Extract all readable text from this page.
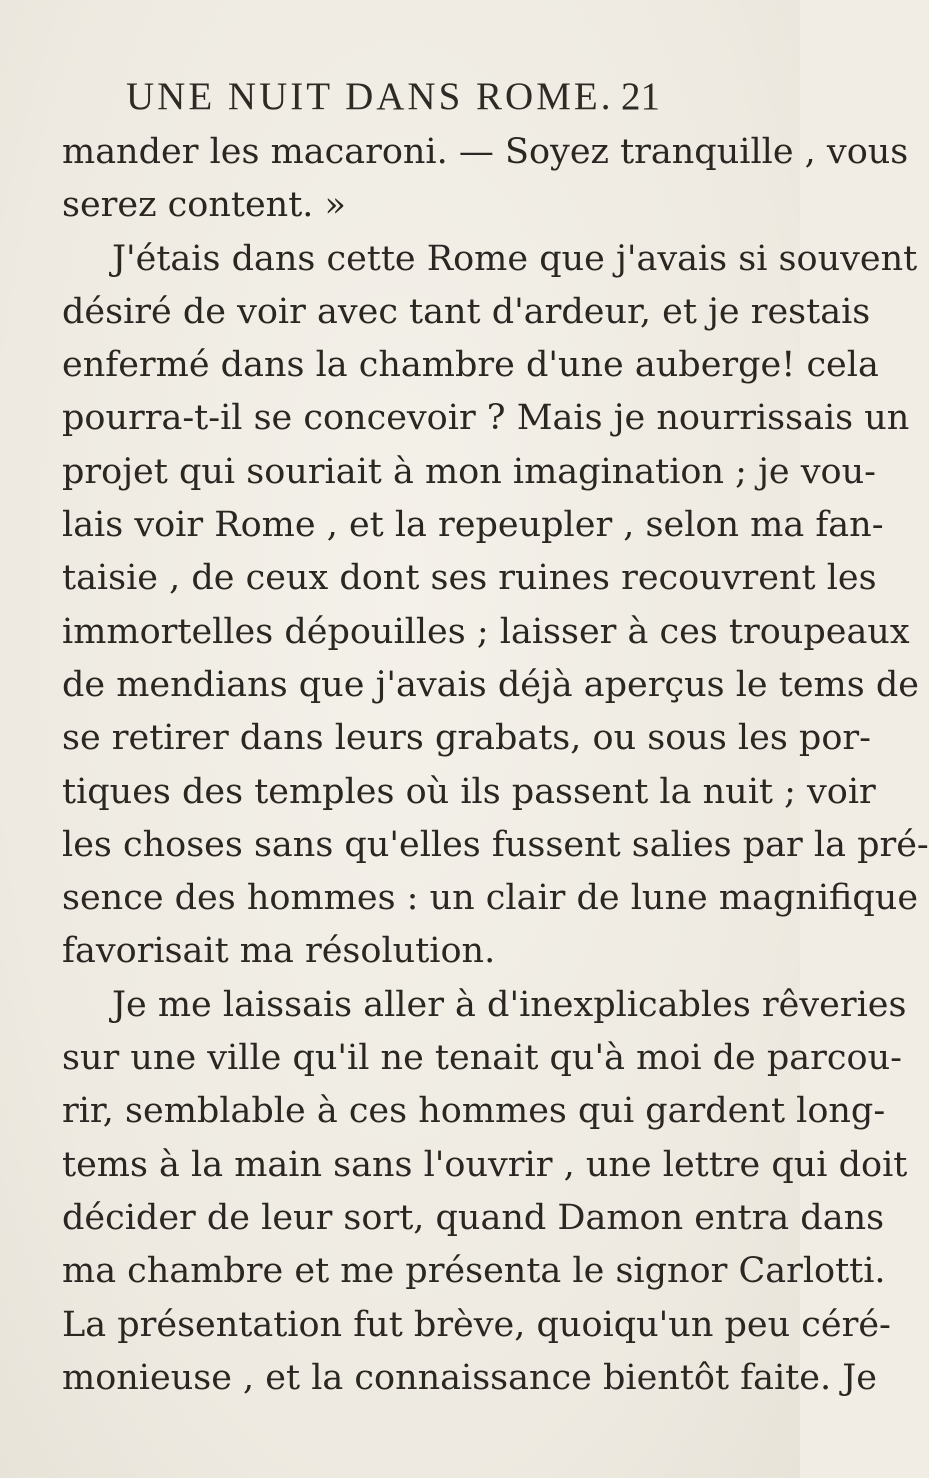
UNE NUIT DANS ROME. 21
mander les macaroni. — Soyez tranquille , vous
serez content. »
J'étais dans cette Rome que j'avais si souvent
désiré de voir avec tant d'ardeur, et je restais
enfermé dans la chambre d'une auberge! cela
pourra-t-il se concevoir ? Mais je nourrissais un
projet qui souriait à mon imagination ; je vou-
lais voir Rome , et la repeupler , selon ma fan-
taisie , de ceux dont ses ruines recouvrent les
immortelles dépouilles ; laisser à ces troupeaux
de mendians que j'avais déjà aperçus le tems de
se retirer dans leurs grabats, ou sous les por-
tiques des temples où ils passent la nuit ; voir
les choses sans qu'elles fussent salies par la pré-
sence des hommes : un clair de lune magnifique
favorisait ma résolution.
Je me laissais aller à d'inexplicables rêveries
sur une ville qu'il ne tenait qu'à moi de parcou-
rir, semblable à ces hommes qui gardent long-
tems à la main sans l'ouvrir , une lettre qui doit
décider de leur sort, quand Damon entra dans
ma chambre et me présenta le signor Carlotti.
La présentation fut brève, quoiqu'un peu céré-
monieuse , et la connaissance bientôt faite. Je
